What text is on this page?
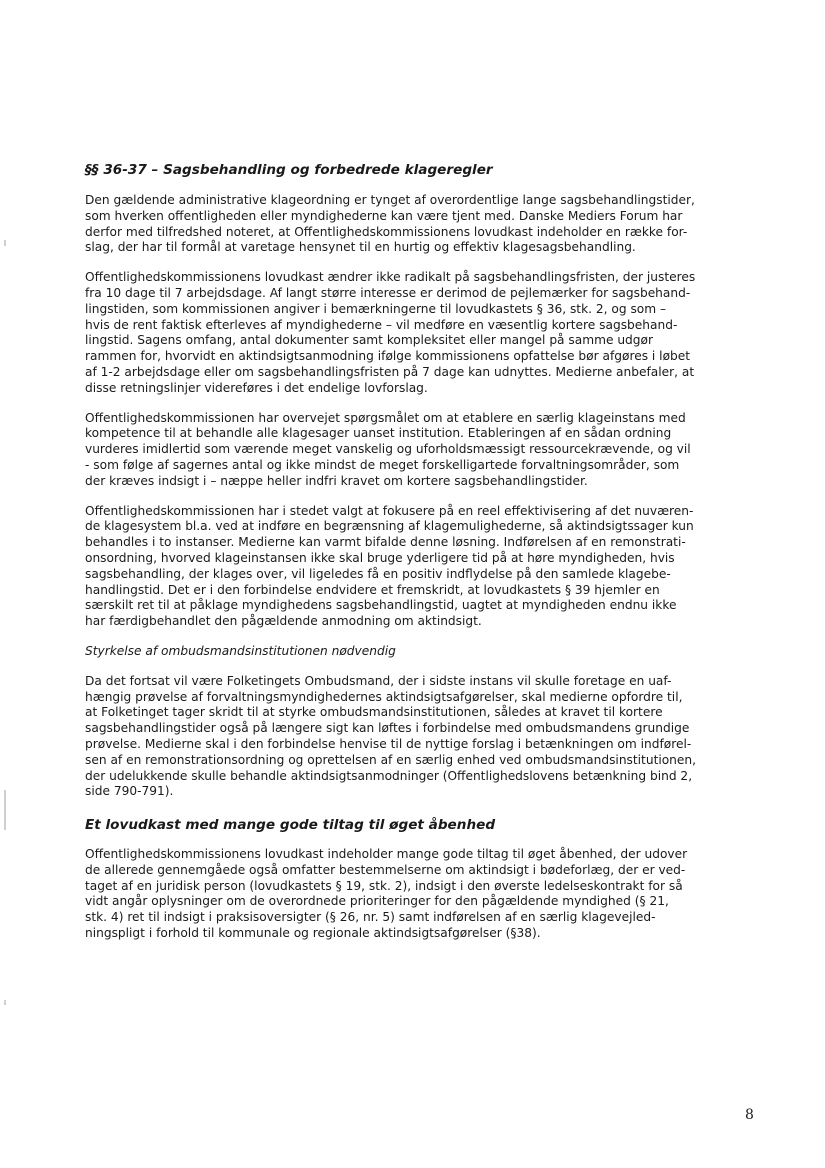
§§ 36-37 – Sagsbehandling og forbedrede klageregler
Den gældende administrative klageordning er tynget af overordentlige lange sagsbehandlingstider,
som hverken offentligheden eller myndighederne kan være tjent med. Danske Mediers Forum har
derfor med tilfredshed noteret, at Offentlighedskommissionens lovudkast indeholder en række for-
slag, der har til formål at varetage hensynet til en hurtig og effektiv klagesagsbehandling.
Offentlighedskommissionens lovudkast ændrer ikke radikalt på sagsbehandlingsfristen, der justeres
fra 10 dage til 7 arbejdsdage. Af langt større interesse er derimod de pejlemærker for sagsbehand-
lingstiden, som kommissionen angiver i bemærkningerne til lovudkastets § 36, stk. 2, og som –
hvis de rent faktisk efterleves af myndighederne – vil medføre en væsentlig kortere sagsbehand-
lingstid. Sagens omfang, antal dokumenter samt kompleksitet eller mangel på samme udgør
rammen for, hvorvidt en aktindsigtsanmodning ifølge kommissionens opfattelse bør afgøres i løbet
af 1-2 arbejdsdage eller om sagsbehandlingsfristen på 7 dage kan udnyttes. Medierne anbefaler, at
disse retningslinjer videreføres i det endelige lovforslag.
Offentlighedskommissionen har overvejet spørgsmålet om at etablere en særlig klageinstans med
kompetence til at behandle alle klagesager uanset institution. Etableringen af en sådan ordning
vurderes imidlertid som værende meget vanskelig og uforholdsmæssigt ressourcekrævende, og vil
- som følge af sagernes antal og ikke mindst de meget forskelligartede forvaltningsområder, som
der kræves indsigt i – næppe heller indfri kravet om kortere sagsbehandlingstider.
Offentlighedskommissionen har i stedet valgt at fokusere på en reel effektivisering af det nuværen-
de klagesystem bl.a. ved at indføre en begrænsning af klagemulighederne, så aktindsigtssager kun
behandles i to instanser. Medierne kan varmt bifalde denne løsning. Indførelsen af en remonstrati-
onsordning, hvorved klageinstansen ikke skal bruge yderligere tid på at høre myndigheden, hvis
sagsbehandling, der klages over, vil ligeledes få en positiv indflydelse på den samlede klagebe-
handlingstid. Det er i den forbindelse endvidere et fremskridt, at lovudkastets § 39 hjemler en
særskilt ret til at påklage myndighedens sagsbehandlingstid, uagtet at myndigheden endnu ikke
har færdigbehandlet den pågældende anmodning om aktindsigt.
Styrkelse af ombudsmandsinstitutionen nødvendig
Da det fortsat vil være Folketingets Ombudsmand, der i sidste instans vil skulle foretage en uaf-
hængig prøvelse af forvaltningsmyndighedernes aktindsigtsafgørelser, skal medierne opfordre til,
at Folketinget tager skridt til at styrke ombudsmandsinstitutionen, således at kravet til kortere
sagsbehandlingstider også på længere sigt kan løftes i forbindelse med ombudsmandens grundige
prøvelse. Medierne skal i den forbindelse henvise til de nyttige forslag i betænkningen om indførel-
sen af en remonstrationsordning og oprettelsen af en særlig enhed ved ombudsmandsinstitutionen,
der udelukkende skulle behandle aktindsigtsanmodninger (Offentlighedslovens betænkning bind 2,
side 790-791).
Et lovudkast med mange gode tiltag til øget åbenhed
Offentlighedskommissionens lovudkast indeholder mange gode tiltag til øget åbenhed, der udover
de allerede gennemgåede også omfatter bestemmelserne om aktindsigt i bødeforlæg, der er ved-
taget af en juridisk person (lovudkastets § 19, stk. 2), indsigt i den øverste ledelseskontrakt for så
vidt angår oplysninger om de overordnede prioriteringer for den pågældende myndighed (§ 21,
stk. 4) ret til indsigt i praksisoversigter (§ 26, nr. 5) samt indførelsen af en særlig klagevejled-
ningspligt i forhold til kommunale og regionale aktindsigtsafgørelser (§38).
8
